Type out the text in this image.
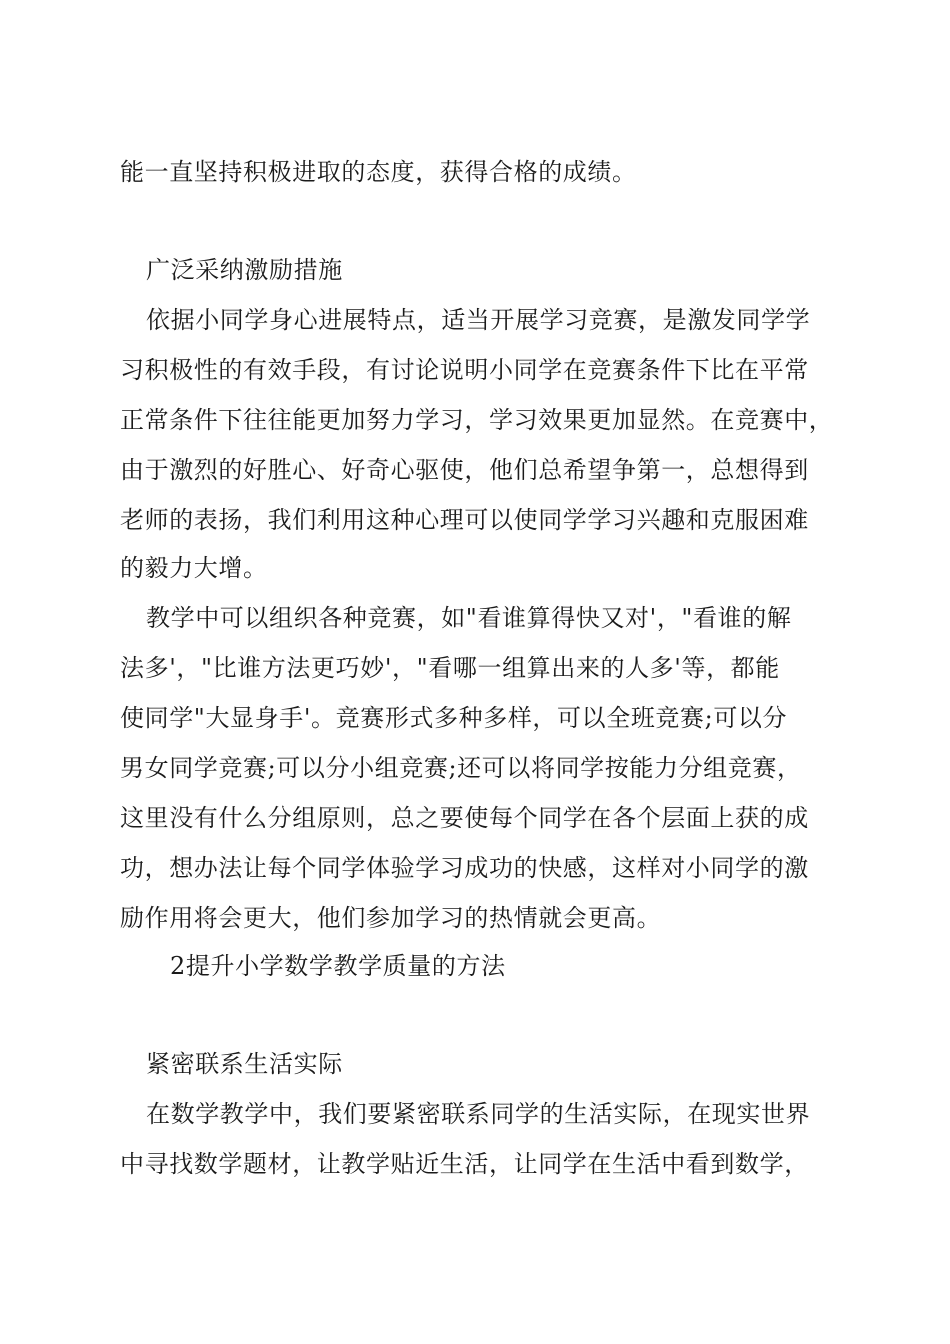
能一直坚持积极进取的态度，获得合格的成绩。
广泛采纳激励措施
依据小同学身心进展特点，适当开展学习竞赛，是激发同学学
习积极性的有效手段，有讨论说明小同学在竞赛条件下比在平常
正常条件下往往能更加努力学习，学习效果更加显然。在竞赛中，
由于激烈的好胜心、好奇心驱使，他们总希望争第一，总想得到
老师的表扬，我们利用这种心理可以使同学学习兴趣和克服困难
的毅力大增。
教学中可以组织各种竞赛，如"看谁算得快又对'，"看谁的解
法多'，"比谁方法更巧妙'，"看哪一组算出来的人多'等，都能
使同学"大显身手'。竞赛形式多种多样，可以全班竞赛;可以分
男女同学竞赛;可以分小组竞赛;还可以将同学按能力分组竞赛，
这里没有什么分组原则，总之要使每个同学在各个层面上获的成
功，想办法让每个同学体验学习成功的快感，这样对小同学的激
励作用将会更大，他们参加学习的热情就会更高。
2提升小学数学教学质量的方法
紧密联系生活实际
在数学教学中，我们要紧密联系同学的生活实际，在现实世界
中寻找数学题材，让教学贴近生活，让同学在生活中看到数学，
